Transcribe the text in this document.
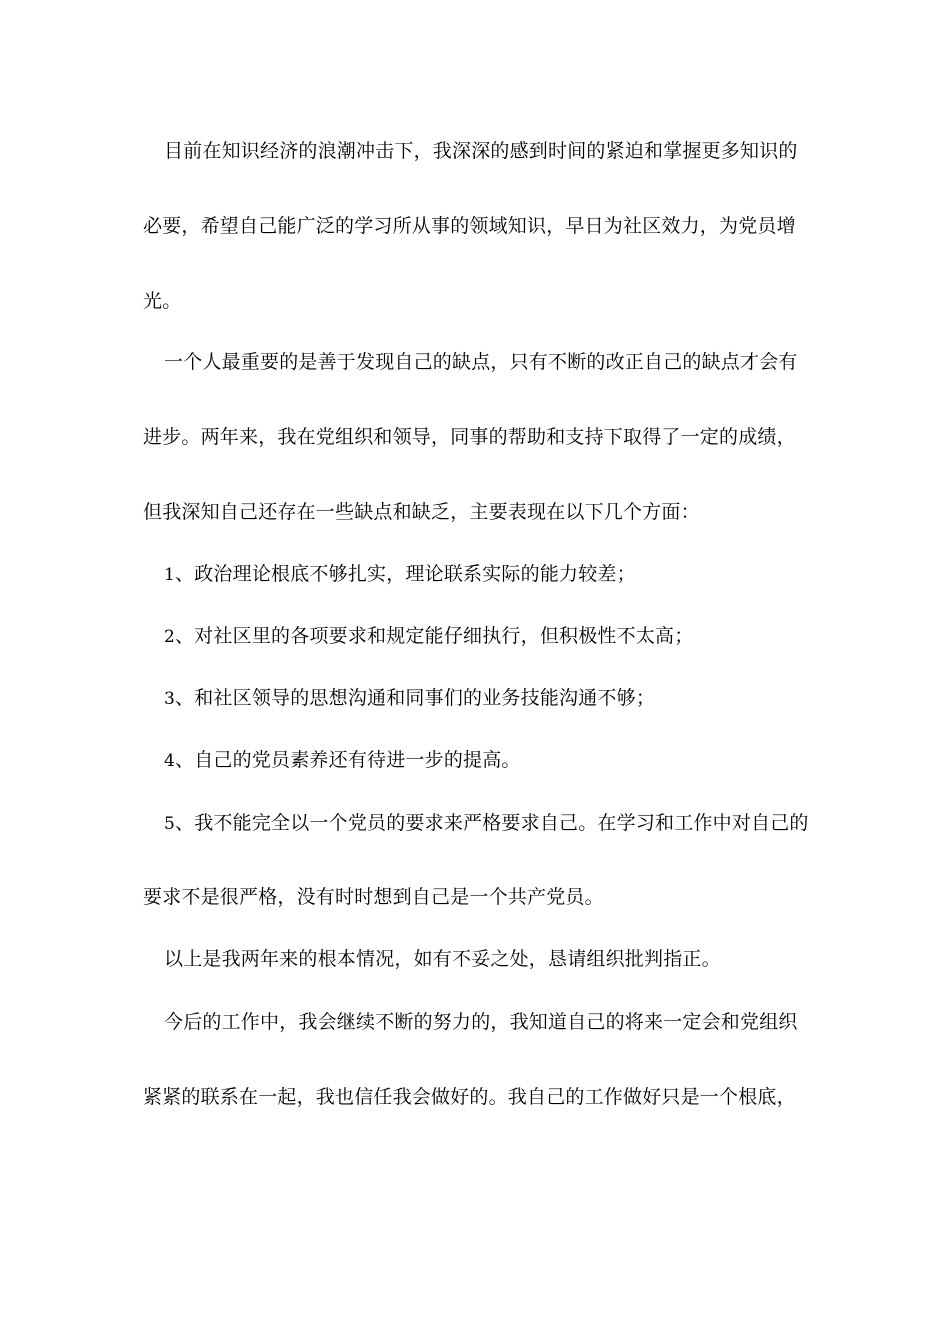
目前在知识经济的浪潮冲击下，我深深的感到时间的紧迫和掌握更多知识的
必要，希望自己能广泛的学习所从事的领域知识，早日为社区效力，为党员增
光。
一个人最重要的是善于发现自己的缺点，只有不断的改正自己的缺点才会有
进步。两年来，我在党组织和领导，同事的帮助和支持下取得了一定的成绩，
但我深知自己还存在一些缺点和缺乏，主要表现在以下几个方面：
1、政治理论根底不够扎实，理论联系实际的能力较差；
2、对社区里的各项要求和规定能仔细执行，但积极性不太高；
3、和社区领导的思想沟通和同事们的业务技能沟通不够；
4、自己的党员素养还有待进一步的提高。
5、我不能完全以一个党员的要求来严格要求自己。在学习和工作中对自己的
要求不是很严格，没有时时想到自己是一个共产党员。
以上是我两年来的根本情况，如有不妥之处，恳请组织批判指正。
今后的工作中，我会继续不断的努力的，我知道自己的将来一定会和党组织
紧紧的联系在一起，我也信任我会做好的。我自己的工作做好只是一个根底，
